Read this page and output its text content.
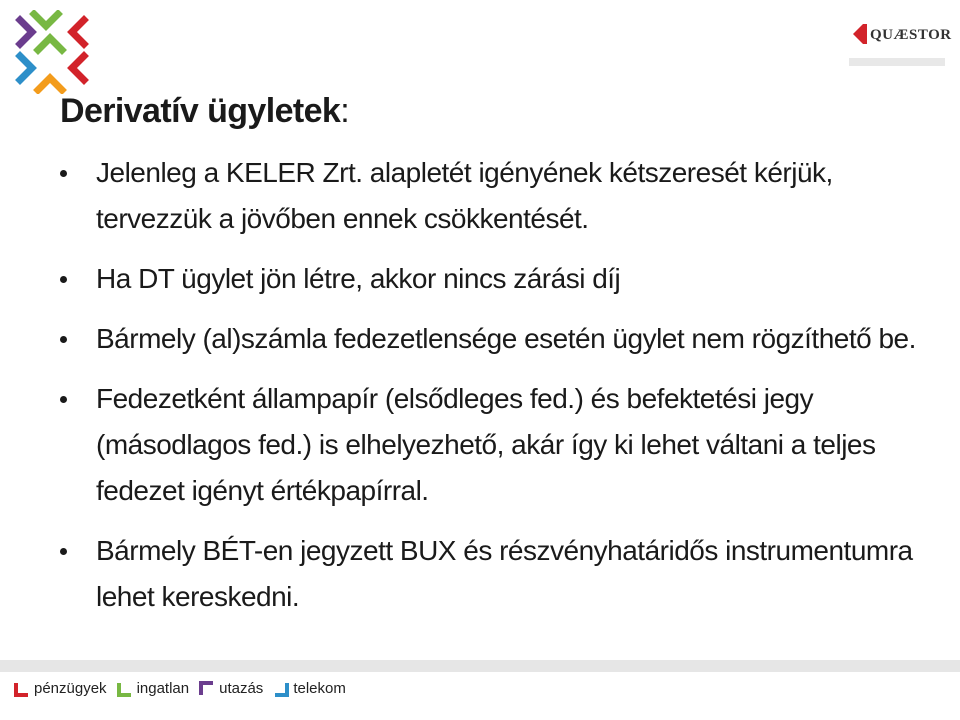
QUÆSTOR
Derivatív ügyletek:
Jelenleg a KELER Zrt. alapletét igényének kétszeresét kérjük, tervezzük a jövőben ennek csökkentését.
Ha DT ügylet jön létre, akkor nincs zárási díj
Bármely (al)számla fedezetlensége esetén ügylet nem rögzíthető be.
Fedezetként állampapír (elsődleges fed.) és befektetési jegy (másodlagos fed.) is elhelyezhető, akár így ki lehet váltani a teljes fedezet igényt értékpapírral.
Bármely BÉT-en jegyzett BUX és részvényhatáridős instrumentumra lehet kereskedni.
pénzügyek ingatlan utazás telekom
